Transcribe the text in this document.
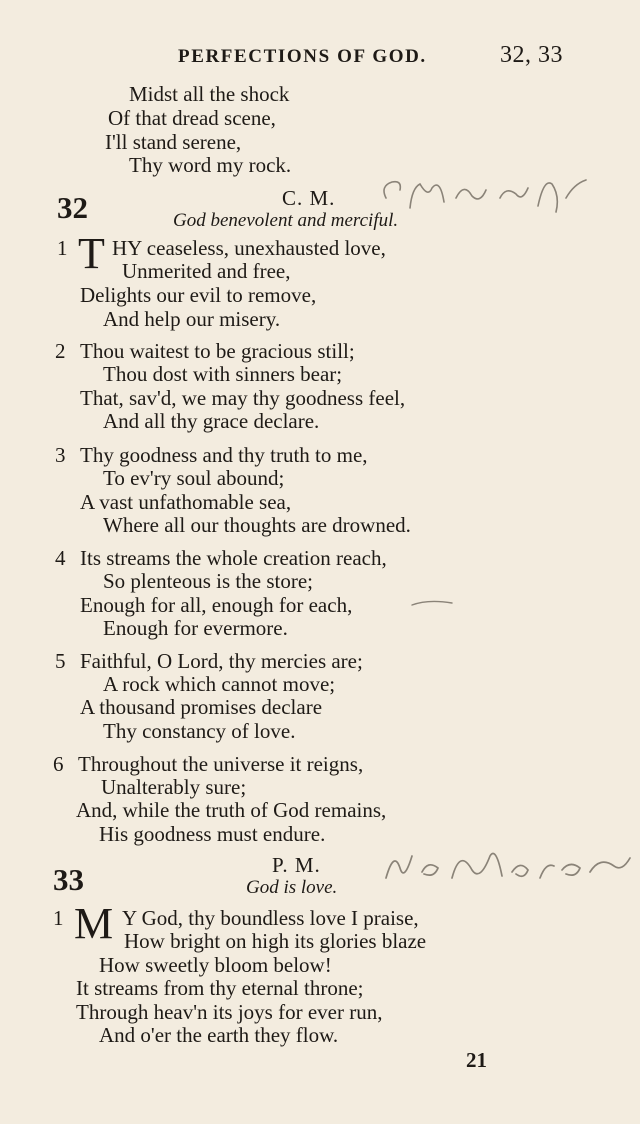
PERFECTIONS OF GOD.	32, 33
Midst all the shock
Of that dread scene,
I'll stand serene,
Thy word my rock.
32	C. M.
God benevolent and merciful.
1 T HY ceaseless, unexhausted love,
Unmerited and free,
Delights our evil to remove,
And help our misery.
2 Thou waitest to be gracious still;
Thou dost with sinners bear;
That, sav'd, we may thy goodness feel,
And all thy grace declare.
3 Thy goodness and thy truth to me,
To ev'ry soul abound;
A vast unfathomable sea,
Where all our thoughts are drowned.
4 Its streams the whole creation reach,
So plenteous is the store;
Enough for all, enough for each,
Enough for evermore.
5 Faithful, O Lord, thy mercies are;
A rock which cannot move;
A thousand promises declare
Thy constancy of love.
6 Throughout the universe it reigns,
Unalterably sure;
And, while the truth of God remains,
His goodness must endure.
33	P. M.
God is love.
1 M Y God, thy boundless love I praise,
How bright on high its glories blaze
How sweetly bloom below!
It streams from thy eternal throne;
Through heav'n its joys for ever run,
And o'er the earth they flow.
21
